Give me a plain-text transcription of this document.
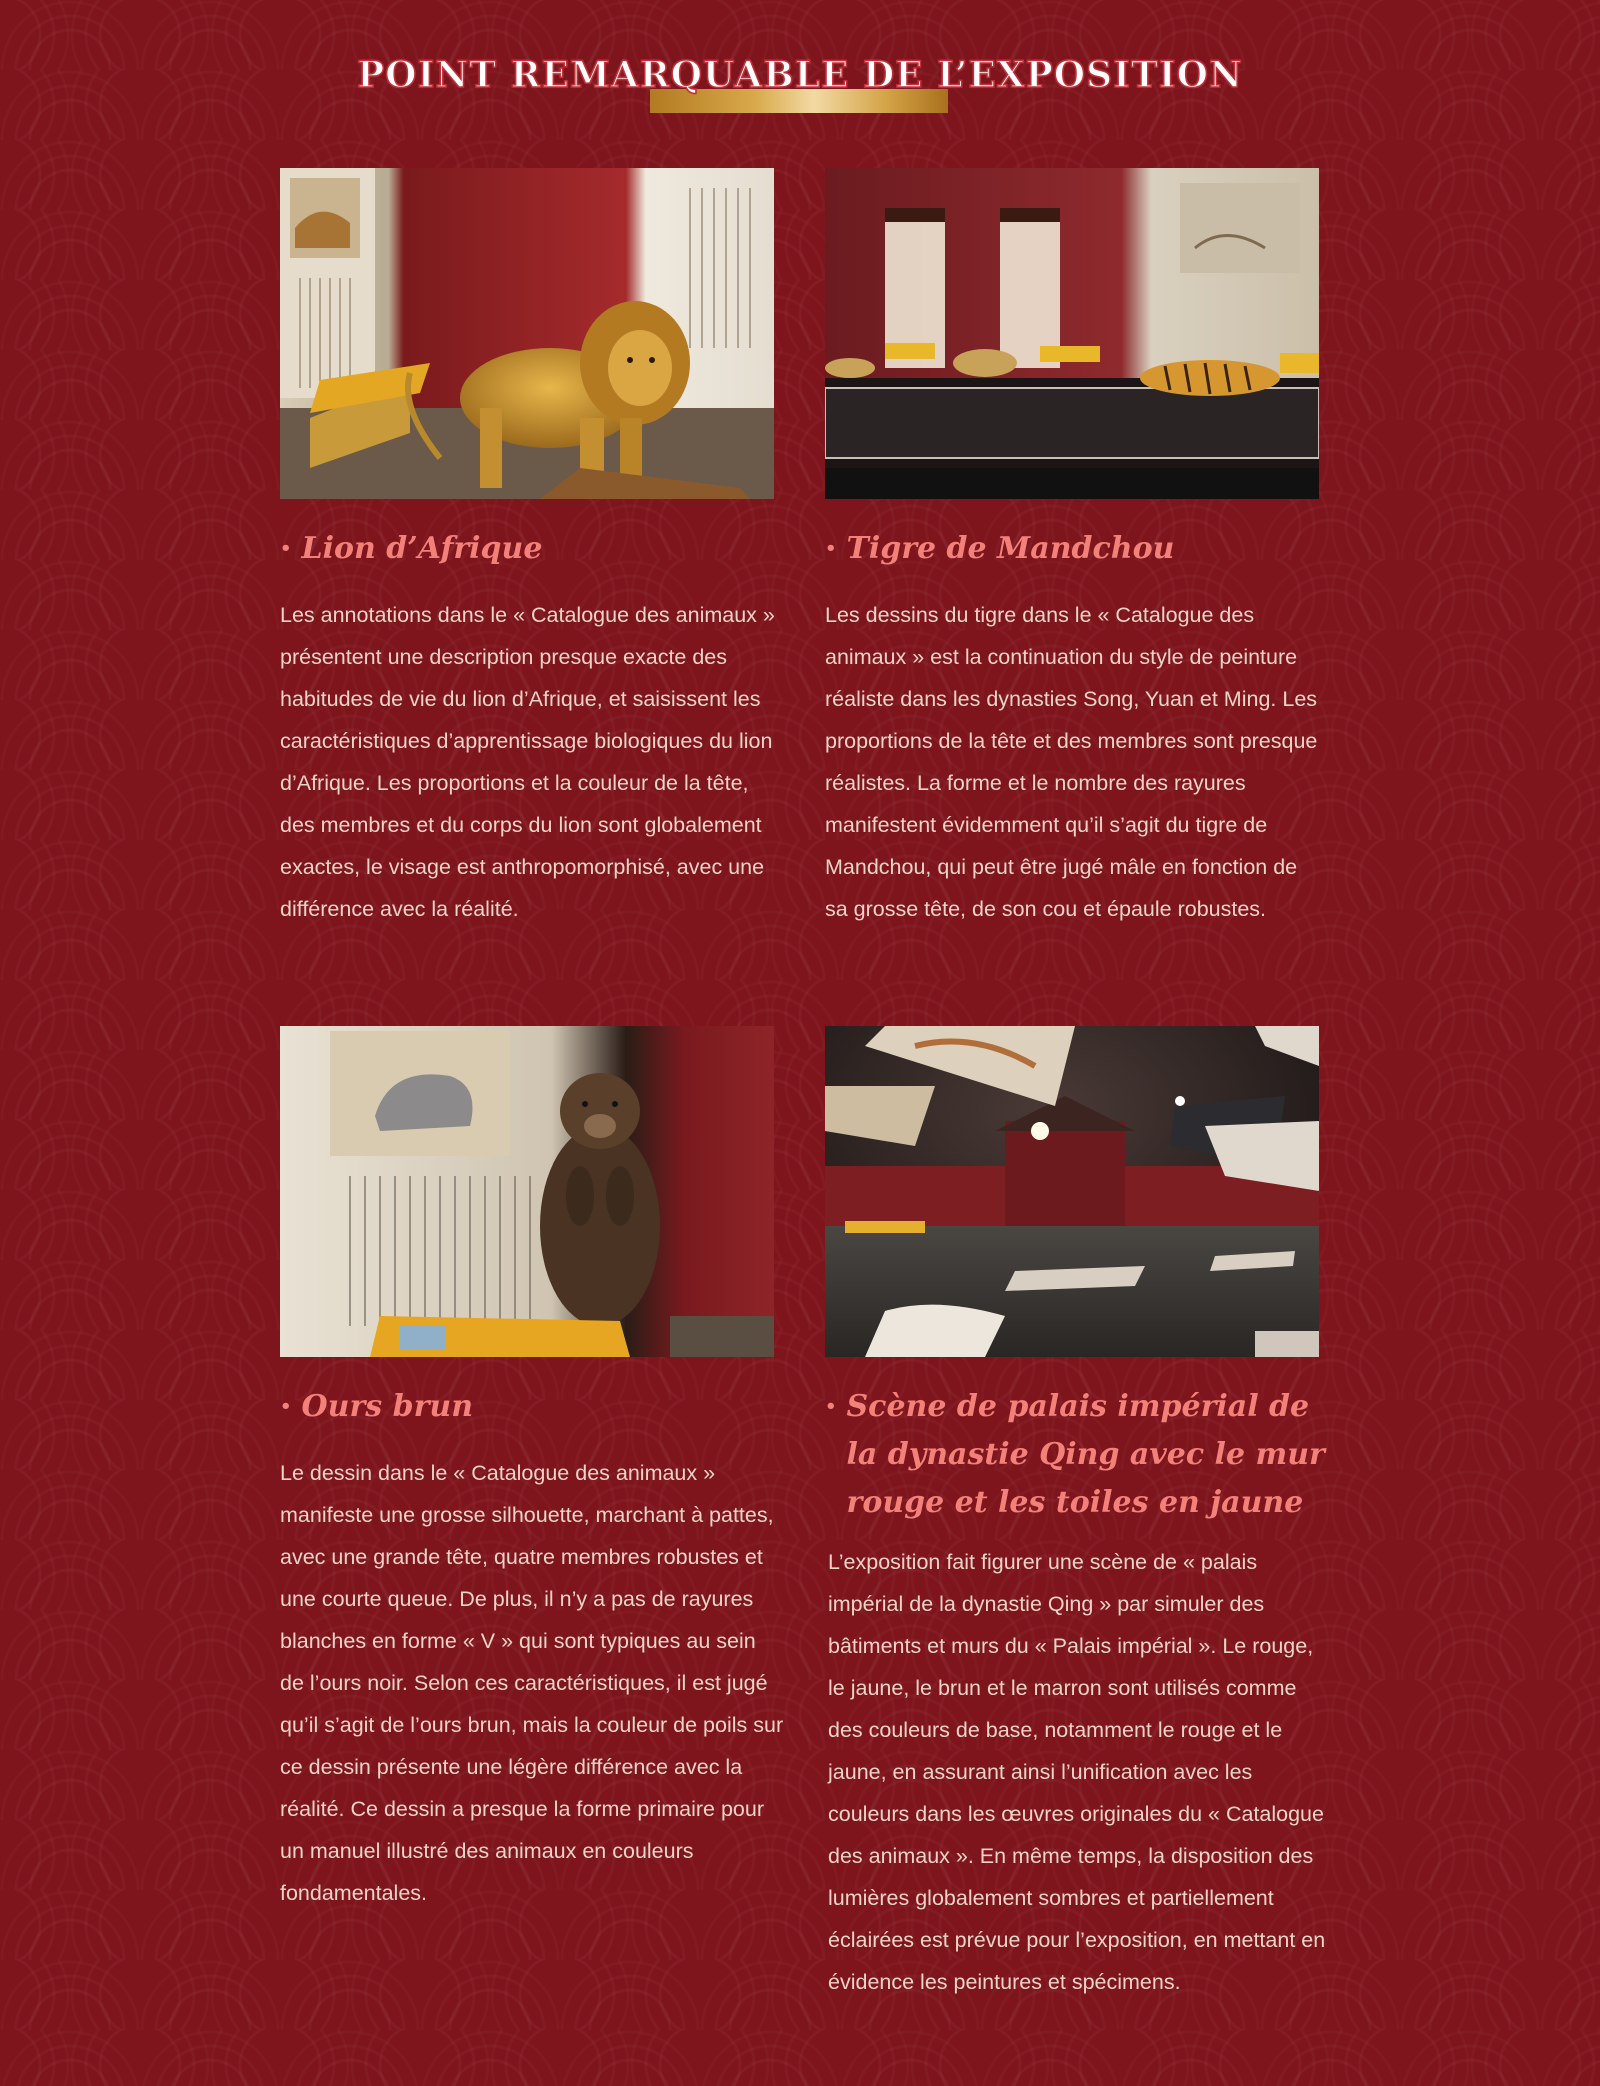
POINT REMARQUABLE DE L’EXPOSITION
• Lion d’Afrique

Les annotations dans le « Catalogue des animaux » présentent une description presque exacte des habitudes de vie du lion d’Afrique, et saisissent les caractéristiques d’apprentissage biologiques du lion d’Afrique. Les proportions et la couleur de la tête, des membres et du corps du lion sont globalement exactes, le visage est anthropomorphisé, avec une différence avec la réalité.

• Tigre de Mandchou

Les dessins du tigre dans le « Catalogue des animaux » est la continuation du style de peinture réaliste dans les dynasties Song, Yuan et Ming. Les proportions de la tête et des membres sont presque réalistes. La forme et le nombre des rayures manifestent évidemment qu’il s’agit du tigre de Mandchou, qui peut être jugé mâle en fonction de sa grosse tête, de son cou et épaule robustes.

• Ours brun

Le dessin dans le « Catalogue des animaux » manifeste une grosse silhouette, marchant à pattes, avec une grande tête, quatre membres robustes et une courte queue. De plus, il n’y a pas de rayures blanches en forme « V » qui sont typiques au sein de l’ours noir. Selon ces caractéristiques, il est jugé qu’il s’agit de l’ours brun, mais la couleur de poils sur ce dessin présente une légère différence avec la réalité. Ce dessin a presque la forme primaire pour un manuel illustré des animaux en couleurs fondamentales.

• Scène de palais impérial de la dynastie Qing avec le mur rouge et les toiles en jaune

L’exposition fait figurer une scène de « palais impérial de la dynastie Qing » par simuler des bâtiments et murs du « Palais impérial ». Le rouge, le jaune, le brun et le marron sont utilisés comme des couleurs de base, notamment le rouge et le jaune, en assurant ainsi l’unification avec les couleurs dans les œuvres originales du « Catalogue des animaux ». En même temps, la disposition des lumières globalement sombres et partiellement éclairées est prévue pour l’exposition, en mettant en évidence les peintures et spécimens.
